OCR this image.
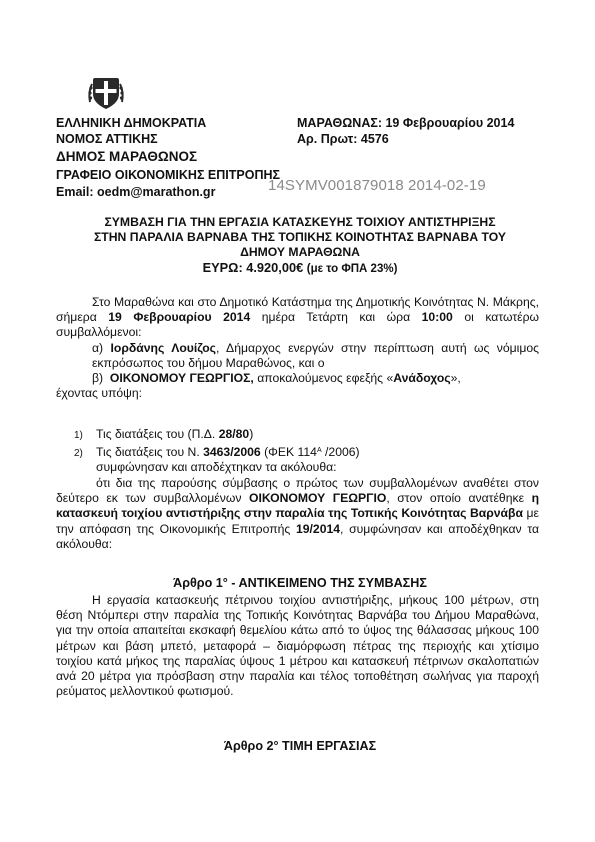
ΕΛΛΗΝΙΚΗ ΔΗΜΟΚΡΑΤΙΑ
ΝΟΜΟΣ ΑΤΤΙΚΗΣ
ΔΗΜΟΣ ΜΑΡΑΘΩΝΟΣ
ΓΡΑΦΕΙΟ ΟΙΚΟΝΟΜΙΚΗΣ ΕΠΙΤΡΟΠΗΣ
Email: oedm@marathon.gr	14SYMV001879018 2014-02-19
ΜΑΡΑΘΩΝΑΣ: 19 Φεβρουαρίου 2014
Αρ. Πρωτ: 4576
ΣΥΜΒΑΣΗ ΓΙΑ ΤΗΝ ΕΡΓΑΣΙΑ ΚΑΤΑΣΚΕΥΗΣ ΤΟΙΧΙΟΥ ΑΝΤΙΣΤΗΡΙΞΗΣ
ΣΤΗΝ ΠΑΡΑΛΙΑ ΒΑΡΝΑΒΑ ΤΗΣ ΤΟΠΙΚΗΣ ΚΟΙΝΟΤΗΤΑΣ ΒΑΡΝΑΒΑ ΤΟΥ
ΔΗΜΟΥ ΜΑΡΑΘΩΝΑ
ΕΥΡΩ: 4.920,00€ (με το ΦΠΑ 23%)
Στο Μαραθώνα και στο Δημοτικό Κατάστημα της Δημοτικής Κοινότητας Ν. Μάκρης, σήμερα 19 Φεβρουαρίου 2014 ημέρα Τετάρτη και ώρα 10:00 οι κατωτέρω συμβαλλόμενοι:
α) Ιορδάνης Λουίζος, Δήμαρχος ενεργών στην περίπτωση αυτή ως νόμιμος εκπρόσωπος του δήμου Μαραθώνος, και ο
β) ΟΙΚΟΝΟΜΟΥ ΓΕΩΡΓΙΟΣ, αποκαλούμενος εφεξής «Ανάδοχος»,
έχοντας υπόψη:
1) Τις διατάξεις του (Π.Δ. 28/80)
2) Τις διατάξεις του Ν. 3463/2006 (ΦΕΚ $114^A$ /2006)
συμφώνησαν και αποδέχτηκαν τα ακόλουθα:
ότι δια της παρούσης σύμβασης ο πρώτος των συμβαλλομένων αναθέτει στον δεύτερο εκ των συμβαλλομένων ΟΙΚΟΝΟΜΟΥ ΓΕΩΡΓΙΟ, στον οποίο ανατέθηκε η κατασκευή τοιχίου αντιστήριξης στην παραλία της Τοπικής Κοινότητας Βαρνάβα με την απόφαση της Οικονομικής Επιτροπής 19/2014, συμφώνησαν και αποδέχθηκαν τα ακόλουθα:
Άρθρο 1° - ΑΝΤΙΚΕΙΜΕΝΟ ΤΗΣ ΣΥΜΒΑΣΗΣ
Η εργασία κατασκευής πέτρινου τοιχίου αντιστήριξης, μήκους 100 μέτρων, στη θέση Ντόμπερι στην παραλία της Τοπικής Κοινότητας Βαρνάβα του Δήμου Μαραθώνα, για την οποία απαιτείται εκσκαφή θεμελίου κάτω από το ύψος της θάλασσας μήκους 100 μέτρων και βάση μπετό, μεταφορά – διαμόρφωση πέτρας της περιοχής και χτίσιμο τοιχίου κατά μήκος της παραλίας ύψους 1 μέτρου και κατασκευή πέτρινων σκαλοπατιών ανά 20 μέτρα για πρόσβαση στην παραλία και τέλος τοποθέτηση σωλήνας για παροχή ρεύματος μελλοντικού φωτισμού.
Άρθρο 2° ΤΙΜΗ ΕΡΓΑΣΙΑΣ
